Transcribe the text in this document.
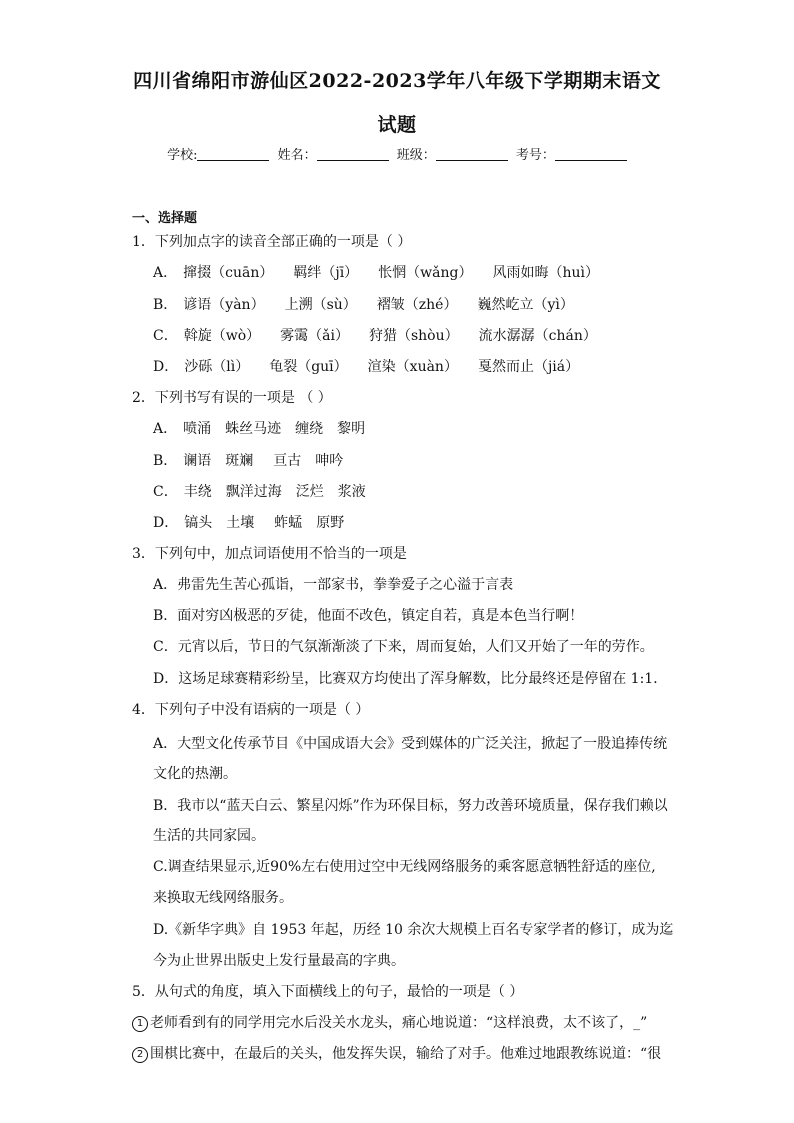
四川省绵阳市游仙区2022-2023学年八年级下学期期末语文
试题
学校:	姓名：	班级：	考号：
一、选择题
1．下列加点字的读音全部正确的一项是（ ）
A． 撺掇（cuān） 羁绊（jī） 怅惘（wǎng） 风雨如晦（huì）
B． 谚语（yàn） 上溯（sù） 褶皱（zhé） 巍然屹立（yì）
C． 斡旋（wò） 雾霭（ǎi） 狩猎（shòu） 流水潺潺（chán）
D． 沙砾（lì） 龟裂（guī） 渲染（xuàn） 戛然而止（jiá）
2．下列书写有误的一项是 （ ）
A． 喷涌 蛛丝马迹 缠绕 黎明
B． 谰语 斑斓 亘古 呻吟
C． 丰绕 飘洋过海 泛烂 浆液
D． 镐头 土壤 蚱蜢 原野
3．下列句中，加点词语使用不恰当的一项是
A．弗雷先生苦心孤诣，一部家书，拳拳爱子之心溢于言表
B．面对穷凶极恶的歹徒，他面不改色，镇定自若，真是本色当行啊！
C．元宵以后，节日的气氛渐渐淡了下来，周而复始，人们又开始了一年的劳作。
D．这场足球赛精彩纷呈，比赛双方均使出了浑身解数，比分最终还是停留在 1:1．
4．下列句子中没有语病的一项是（ ）
A．大型文化传承节目《中国成语大会》受到媒体的广泛关注，掀起了一股追捧传统
文化的热潮。
B．我市以“蓝天白云、繁星闪烁”作为环保目标，努力改善环境质量，保存我们赖以
生活的共同家园。
C.调查结果显示,近90%左右使用过空中无线网络服务的乘客愿意牺牲舒适的座位,
来换取无线网络服务。
D.《新华字典》自 1953 年起，历经 10 余次大规模上百名专家学者的修订，成为迄
今为止世界出版史上发行量最高的字典。
5．从句式的角度，填入下面横线上的句子，最恰的一项是（ ）
1 老师看到有的同学用完水后没关水龙头，痛心地说道：“这样浪费，太不该了，_”
2 围棋比赛中，在最后的关头，他发挥失误，输给了对手。他难过地跟教练说道：“很
